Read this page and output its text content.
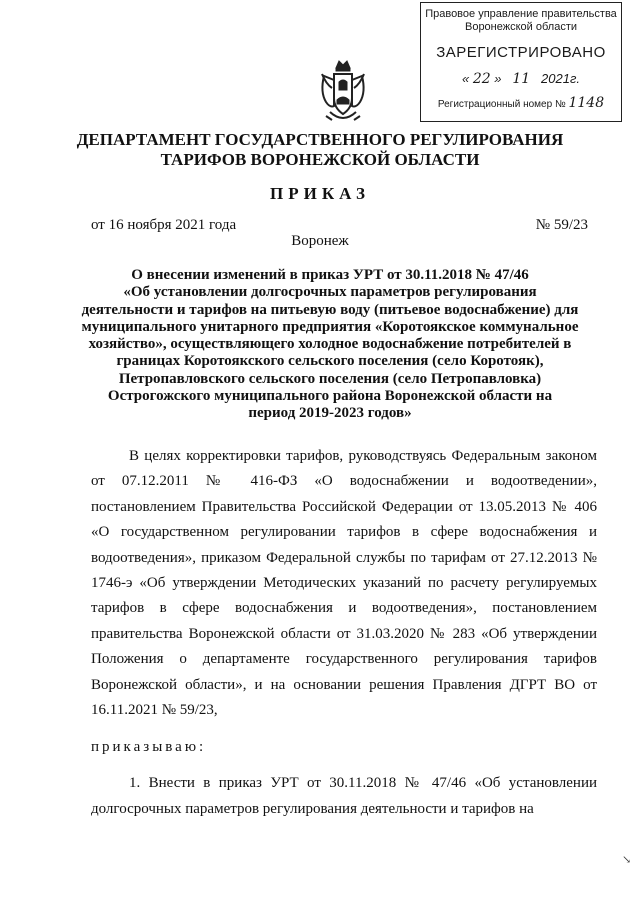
Правовое управление правительства
Воронежской области
ЗАРЕГИСТРИРОВАНО
« 22 » 11 2021г.
Регистрационный номер № 1148
ДЕПАРТАМЕНТ ГОСУДАРСТВЕННОГО РЕГУЛИРОВАНИЯ
ТАРИФОВ ВОРОНЕЖСКОЙ ОБЛАСТИ
ПРИКАЗ
от 16 ноября 2021 года	№ 59/23
Воронеж
О внесении изменений в приказ УРТ от 30.11.2018 № 47/46
«Об установлении долгосрочных параметров регулирования
деятельности и тарифов на питьевую воду (питьевое водоснабжение) для
муниципального унитарного предприятия «Коротоякское коммунальное
хозяйство», осуществляющего холодное водоснабжение потребителей в
границах Коротоякского сельского поселения (село Коротояк),
Петропавловского сельского поселения (село Петропавловка)
Острогожского муниципального района Воронежской области на
период 2019-2023 годов»

В целях корректировки тарифов, руководствуясь Федеральным законом от 07.12.2011 № 416-ФЗ «О водоснабжении и водоотведении», постановлением Правительства Российской Федерации от 13.05.2013 № 406 «О государственном регулировании тарифов в сфере водоснабжения и водоотведения», приказом Федеральной службы по тарифам от 27.12.2013 № 1746-э «Об утверждении Методических указаний по расчету регулируемых тарифов в сфере водоснабжения и водоотведения», постановлением правительства Воронежской области от 31.03.2020 № 283 «Об утверждении Положения о департаменте государственного регулирования тарифов Воронежской области», и на основании решения Правления ДГРТ ВО от 16.11.2021 № 59/23,

приказываю:

1. Внести в приказ УРТ от 30.11.2018 № 47/46 «Об установлении долгосрочных параметров регулирования деятельности и тарифов на

↘
